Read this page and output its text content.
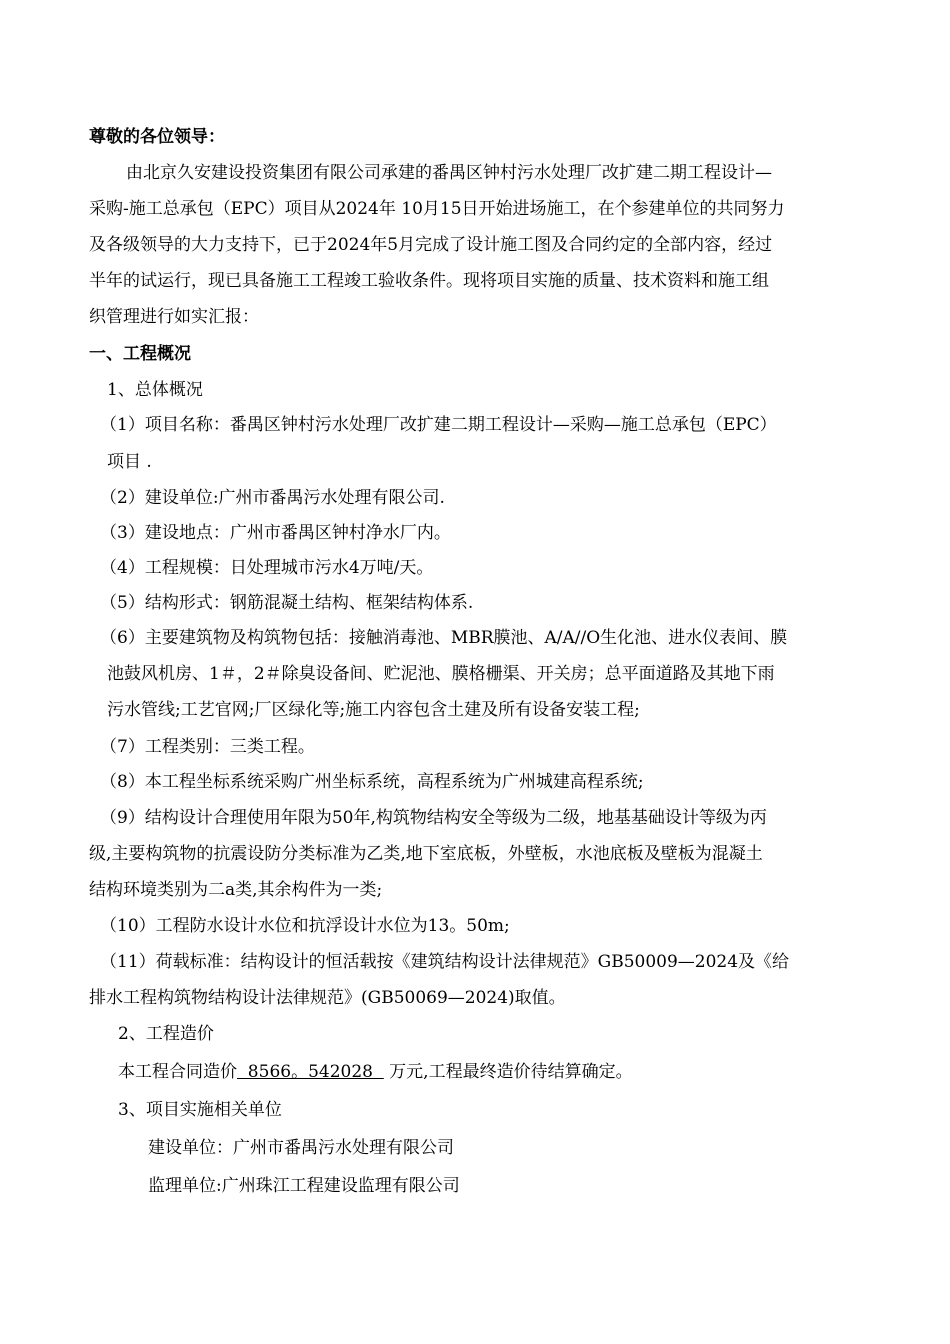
尊敬的各位领导：
由北京久安建设投资集团有限公司承建的番禺区钟村污水处理厂改扩建二期工程设计—
采购-施工总承包（EPC）项目从2024年 10月15日开始进场施工，在个参建单位的共同努力
及各级领导的大力支持下，已于2024年5月完成了设计施工图及合同约定的全部内容，经过
半年的试运行，现已具备施工工程竣工验收条件。现将项目实施的质量、技术资料和施工组
织管理进行如实汇报：
一、工程概况
1、总体概况
（1）项目名称：番禺区钟村污水处理厂改扩建二期工程设计—采购—施工总承包（EPC）
项目 .
（2）建设单位:广州市番禺污水处理有限公司.
（3）建设地点：广州市番禺区钟村净水厂内。
（4）工程规模：日处理城市污水4万吨/天。
（5）结构形式：钢筋混凝土结构、框架结构体系.
（6）主要建筑物及构筑物包括：接触消毒池、MBR膜池、A/A//O生化池、进水仪表间、膜
池鼓风机房、1＃，2＃除臭设备间、贮泥池、膜格栅渠、开关房；总平面道路及其地下雨
污水管线;工艺官网;厂区绿化等;施工内容包含土建及所有设备安装工程;
（7）工程类别：三类工程。
（8）本工程坐标系统采购广州坐标系统，高程系统为广州城建高程系统;
（9）结构设计合理使用年限为50年,构筑物结构安全等级为二级，地基基础设计等级为丙
级,主要构筑物的抗震设防分类标准为乙类,地下室底板，外壁板，水池底板及壁板为混凝土
结构环境类别为二a类,其余构件为一类;
（10）工程防水设计水位和抗浮设计水位为13。50m;
（11）荷载标准：结构设计的恒活载按《建筑结构设计法律规范》GB50009—2024及《给
排水工程构筑物结构设计法律规范》(GB50069—2024)取值。
2、工程造价
本工程合同造价  8566。542028   万元,工程最终造价待结算确定。
3、项目实施相关单位
建设单位：广州市番禺污水处理有限公司
监理单位:广州珠江工程建设监理有限公司
